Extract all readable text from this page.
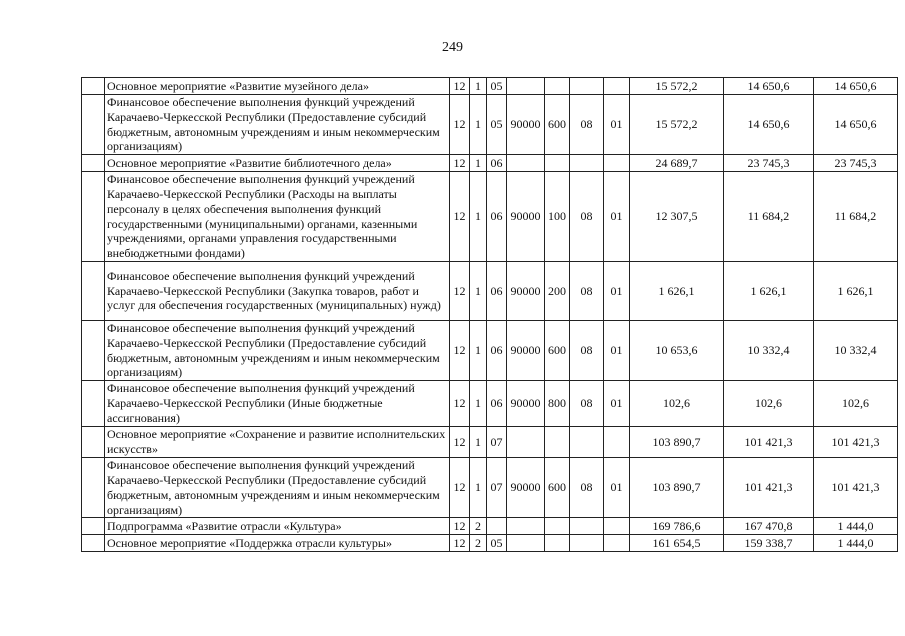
249
	Основное мероприятие «Развитие музейного дела»	12	1	05					15 572,2	14 650,6	14 650,6
	Финансовое обеспечение выполнения функций учреждений Карачаево-Черкесской Республики (Предоставление субсидий бюджетным, автономным учреждениям и иным некоммерческим организациям)	12	1	05	90000	600	08	01	15 572,2	14 650,6	14 650,6
	Основное мероприятие «Развитие библиотечного дела»	12	1	06					24 689,7	23 745,3	23 745,3
	Финансовое обеспечение выполнения функций учреждений Карачаево-Черкесской Республики (Расходы на выплаты персоналу в целях обеспечения выполнения функций государственными (муниципальными) органами, казенными учреждениями, органами управления государственными внебюджетными фондами)	12	1	06	90000	100	08	01	12 307,5	11 684,2	11 684,2
	Финансовое обеспечение выполнения функций учреждений Карачаево-Черкесской Республики (Закупка товаров, работ и услуг для обеспечения государственных (муниципальных) нужд)	12	1	06	90000	200	08	01	1 626,1	1 626,1	1 626,1
	Финансовое обеспечение выполнения функций учреждений Карачаево-Черкесской Республики (Предоставление субсидий бюджетным, автономным учреждениям и иным некоммерческим организациям)	12	1	06	90000	600	08	01	10 653,6	10 332,4	10 332,4
	Финансовое обеспечение выполнения функций учреждений Карачаево-Черкесской Республики (Иные бюджетные ассигнования)	12	1	06	90000	800	08	01	102,6	102,6	102,6
	Основное мероприятие «Сохранение и развитие исполнительских искусств»	12	1	07					103 890,7	101 421,3	101 421,3
	Финансовое обеспечение выполнения функций учреждений Карачаево-Черкесской Республики (Предоставление субсидий бюджетным, автономным учреждениям и иным некоммерческим организациям)	12	1	07	90000	600	08	01	103 890,7	101 421,3	101 421,3
	Подпрограмма «Развитие отрасли «Культура»	12	2						169 786,6	167 470,8	1 444,0
	Основное мероприятие «Поддержка отрасли культуры»	12	2	05					161 654,5	159 338,7	1 444,0
